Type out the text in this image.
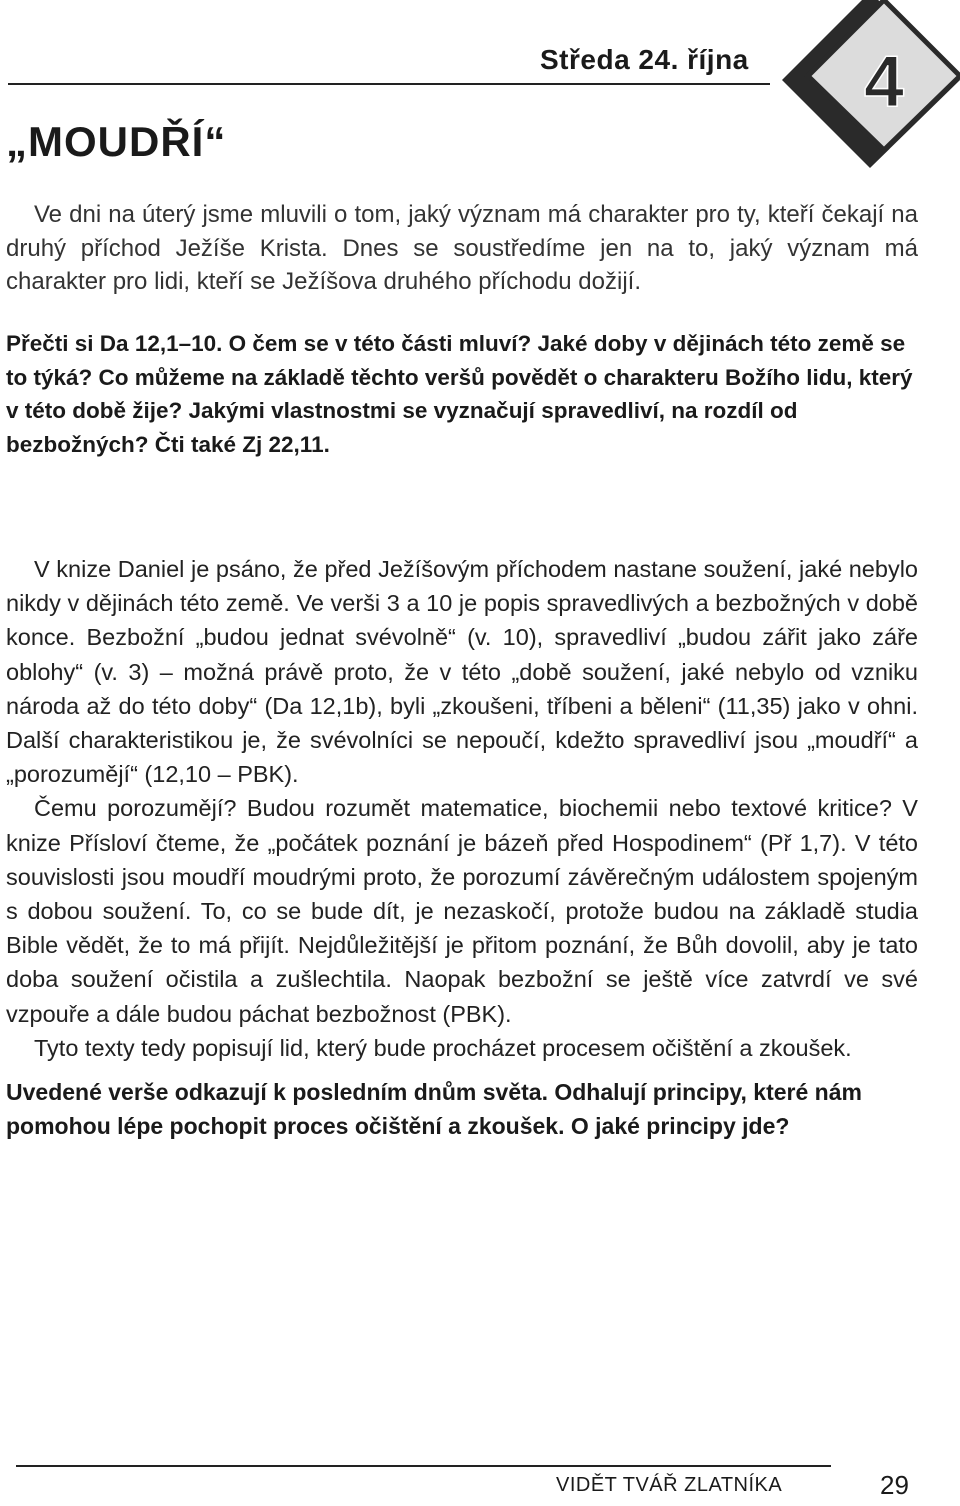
Středa 24. října 4
„MOUDŘÍ“
Ve dni na úterý jsme mluvili o tom, jaký význam má charakter pro ty, kteří čekají na druhý příchod Ježíše Krista. Dnes se soustředíme jen na to, jaký význam má charakter pro lidi, kteří se Ježíšova druhého příchodu dožijí.
Přečti si Da 12,1–10. O čem se v této části mluví? Jaké doby v dějinách této země se to týká? Co můžeme na základě těchto veršů povědět o charakteru Božího lidu, který v této době žije? Jakými vlastnostmi se vyznačují spravedliví, na rozdíl od bezbožných? Čti také Zj 22,11.

V knize Daniel je psáno, že před Ježíšovým příchodem nastane soužení, jaké nebylo nikdy v dějinách této země. Ve verši 3 a 10 je popis spravedlivých a bezbožných v době konce. Bezbožní „budou jednat svévolně“ (v. 10), spravedliví „budou zářit jako záře oblohy“ (v. 3) – možná právě proto, že v této „době soužení, jaké nebylo od vzniku národa až do této doby“ (Da 12,1b), byli „zkoušeni, tříbeni a běleni“ (11,35) jako v ohni. Další charakteristikou je, že svévolníci se nepoučí, kdežto spravedliví jsou „moudří“ a „porozumějí“ (12,10 – PBK).

Čemu porozumějí? Budou rozumět matematice, biochemii nebo textové kritice? V knize Přísloví čteme, že „počátek poznání je bázeň před Hospodinem“ (Př 1,7). V této souvislosti jsou moudří moudrými proto, že porozumí závěrečným událostem spojeným s dobou soužení. To, co se bude dít, je nezaskočí, protože budou na základě studia Bible vědět, že to má přijít. Nejdůležitější je přitom poznání, že Bůh dovolil, aby je tato doba soužení očistila a zušlechtila. Naopak bezbožní se ještě více zatvrdí ve své vzpouře a dále budou páchat bezbožnost (PBK).

Tyto texty tedy popisují lid, který bude procházet procesem očištění a zkoušek.

Uvedené verše odkazují k posledním dnům světa. Odhalují principy, které nám pomohou lépe pochopit proces očištění a zkoušek. O jaké principy jde?
VIDĚT TVÁŘ ZLATNÍKA	29
